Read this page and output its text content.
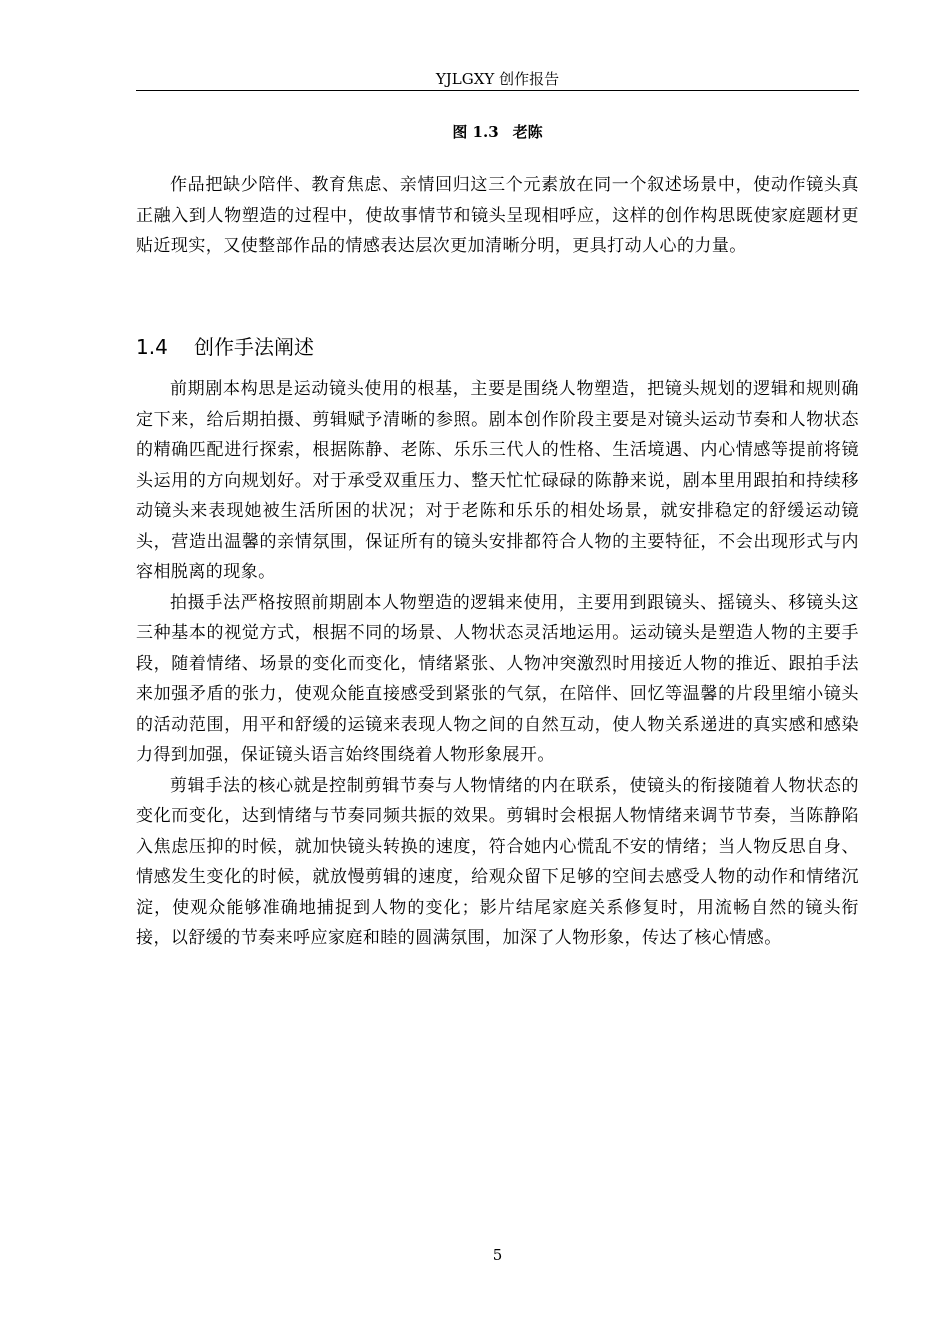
YJLGXY 创作报告
图 1.3 老陈

作品把缺少陪伴、教育焦虑、亲情回归这三个元素放在同一个叙述场景中，使动作镜头真正融入到人物塑造的过程中，使故事情节和镜头呈现相呼应，这样的创作构思既使家庭题材更贴近现实，又使整部作品的情感表达层次更加清晰分明，更具打动人心的力量。

1.4 创作手法阐述

前期剧本构思是运动镜头使用的根基，主要是围绕人物塑造，把镜头规划的逻辑和规则确定下来，给后期拍摄、剪辑赋予清晰的参照。剧本创作阶段主要是对镜头运动节奏和人物状态的精确匹配进行探索，根据陈静、老陈、乐乐三代人的性格、生活境遇、内心情感等提前将镜头运用的方向规划好。对于承受双重压力、整天忙忙碌碌的陈静来说，剧本里用跟拍和持续移动镜头来表现她被生活所困的状况；对于老陈和乐乐的相处场景，就安排稳定的舒缓运动镜头，营造出温馨的亲情氛围，保证所有的镜头安排都符合人物的主要特征，不会出现形式与内容相脱离的现象。

拍摄手法严格按照前期剧本人物塑造的逻辑来使用，主要用到跟镜头、摇镜头、移镜头这三种基本的视觉方式，根据不同的场景、人物状态灵活地运用。运动镜头是塑造人物的主要手段，随着情绪、场景的变化而变化，情绪紧张、人物冲突激烈时用接近人物的推近、跟拍手法来加强矛盾的张力，使观众能直接感受到紧张的气氛，在陪伴、回忆等温馨的片段里缩小镜头的活动范围，用平和舒缓的运镜来表现人物之间的自然互动，使人物关系递进的真实感和感染力得到加强，保证镜头语言始终围绕着人物形象展开。

剪辑手法的核心就是控制剪辑节奏与人物情绪的内在联系，使镜头的衔接随着人物状态的变化而变化，达到情绪与节奏同频共振的效果。剪辑时会根据人物情绪来调节节奏，当陈静陷入焦虑压抑的时候，就加快镜头转换的速度，符合她内心慌乱不安的情绪；当人物反思自身、情感发生变化的时候，就放慢剪辑的速度，给观众留下足够的空间去感受人物的动作和情绪沉淀，使观众能够准确地捕捉到人物的变化；影片结尾家庭关系修复时，用流畅自然的镜头衔接，以舒缓的节奏来呼应家庭和睦的圆满氛围，加深了人物形象，传达了核心情感。

5
